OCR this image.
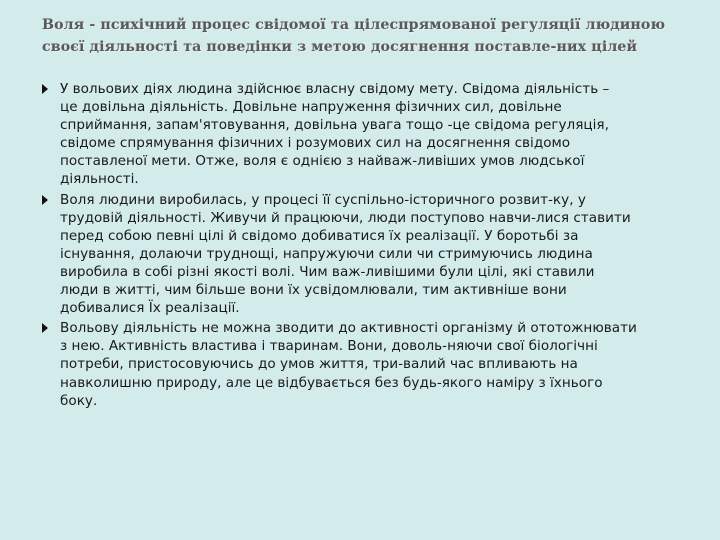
Воля - психічний процес свідомої та цілеспрямованої регуляції людиною
своєї діяльності та поведінки з метою досягнення поставле-них цілей
У вольових діях людина здійснює власну свідому мету. Свідома діяльність –
це довільна діяльність. Довільне напруження фізичних сил, довільне
сприймання, запам'ятовування, довільна увага тощо -це свідома регуляція,
свідоме спрямування фізичних і розумових сил на досягнення свідомо
поставленої мети. Отже, воля є однією з найваж-ливіших умов людської
діяльності.
Воля людини виробилась, у процесі її суспільно-історичного розвит-ку, у
трудовій діяльності. Живучи й працюючи, люди поступово навчи-лися ставити
перед собою певні цілі й свідомо добиватися їх реалізації. У боротьбі за
існування, долаючи труднощі, напружуючи сили чи стримуючись людина
виробила в собі різні якості волі. Чим важ-ливішими були цілі, які ставили
люди в житті, чим більше вони їх усвідомлювали, тим активніше вони
добивалися Їх реалізації.
Вольову діяльність не можна зводити до активності організму й ототожнювати
з нею. Активність властива і тваринам. Вони, доволь-няючи свої біологічні
потреби, пристосовуючись до умов життя, три-валий час впливають на
навколишню природу, але це відбувається без будь-якого наміру з їхнього
боку.
